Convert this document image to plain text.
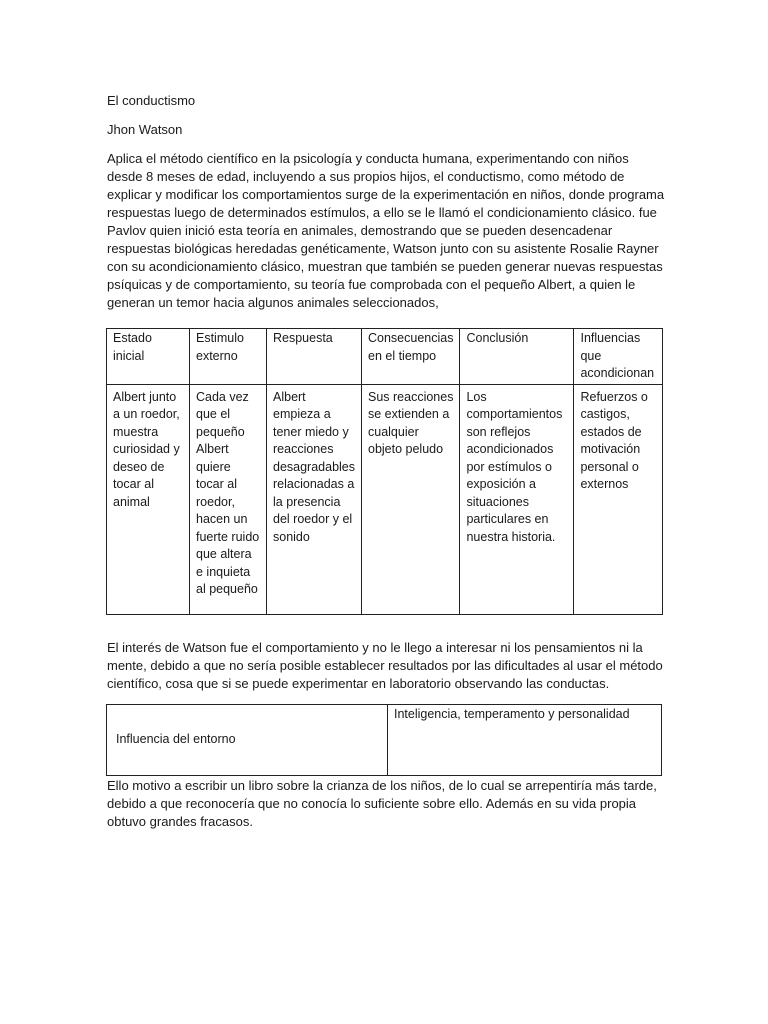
El conductismo

Jhon Watson

Aplica el método científico en la psicología y conducta humana, experimentando con niños desde 8 meses de edad, incluyendo a sus propios hijos, el conductismo, como método de explicar y modificar los comportamientos surge de la experimentación en niños, donde programa respuestas luego de determinados estímulos, a ello se le llamó el condicionamiento clásico. fue Pavlov quien inició esta teoría en animales, demostrando que se pueden desencadenar respuestas biológicas heredadas genéticamente, Watson junto con su asistente Rosalie Rayner con su acondicionamiento clásico, muestran que también se pueden generar nuevas respuestas psíquicas y de comportamiento, su teoría fue comprobada con el pequeño Albert, a quien le generan un temor hacia algunos animales seleccionados,

Estado inicial	Estimulo externo	Respuesta	Consecuencias en el tiempo	Conclusión	Influencias que acondicionan
Albert junto a un roedor, muestra curiosidad y deseo de tocar al animal	Cada vez que el pequeño Albert quiere tocar al roedor, hacen un fuerte ruido que altera e inquieta al pequeño	Albert empieza a tener miedo y reacciones desagradables relacionadas a la presencia del roedor y el sonido	Sus reacciones se extienden a cualquier objeto peludo	Los comportamientos son reflejos acondicionados por estímulos o exposición a situaciones particulares en nuestra historia.	Refuerzos o castigos, estados de motivación personal o externos

El interés de Watson fue el comportamiento y no le llego a interesar ni los pensamientos ni la mente, debido a que no sería posible establecer resultados por las dificultades al usar el método científico, cosa que si se puede experimentar en laboratorio observando las conductas.

Influencia del entorno	Inteligencia, temperamento y personalidad

Ello motivo a escribir un libro sobre la crianza de los niños, de lo cual se arrepentiría más tarde, debido a que reconocería que no conocía lo suficiente sobre ello. Además en su vida propia obtuvo grandes fracasos.
